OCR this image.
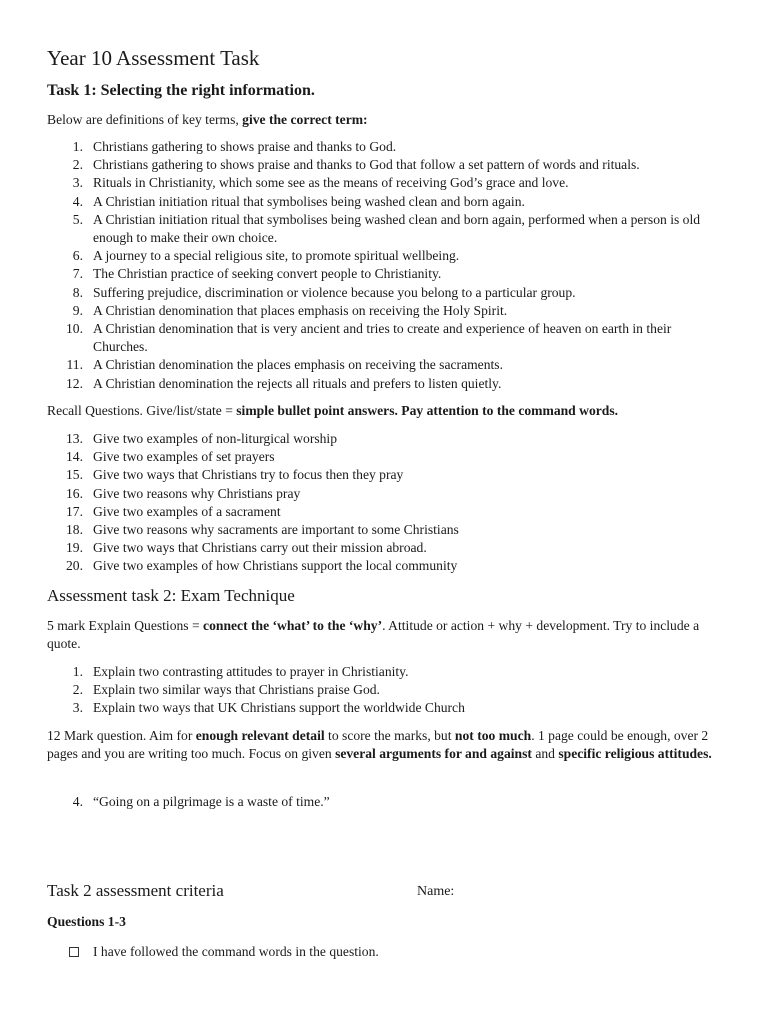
Year 10 Assessment Task
Task 1: Selecting the right information.
Below are definitions of key terms, give the correct term:
1. Christians gathering to shows praise and thanks to God.
2. Christians gathering to shows praise and thanks to God that follow a set pattern of words and rituals.
3. Rituals in Christianity, which some see as the means of receiving God’s grace and love.
4. A Christian initiation ritual that symbolises being washed clean and born again.
5. A Christian initiation ritual that symbolises being washed clean and born again, performed when a person is old enough to make their own choice.
6. A journey to a special religious site, to promote spiritual wellbeing.
7. The Christian practice of seeking convert people to Christianity.
8. Suffering prejudice, discrimination or violence because you belong to a particular group.
9. A Christian denomination that places emphasis on receiving the Holy Spirit.
10. A Christian denomination that is very ancient and tries to create and experience of heaven on earth in their Churches.
11. A Christian denomination the places emphasis on receiving the sacraments.
12. A Christian denomination the rejects all rituals and prefers to listen quietly.
Recall Questions. Give/list/state = simple bullet point answers. Pay attention to the command words.
13. Give two examples of non-liturgical worship
14. Give two examples of set prayers
15. Give two ways that Christians try to focus then they pray
16. Give two reasons why Christians pray
17. Give two examples of a sacrament
18. Give two reasons why sacraments are important to some Christians
19. Give two ways that Christians carry out their mission abroad.
20. Give two examples of how Christians support the local community
Assessment task 2: Exam Technique
5 mark Explain Questions = connect the ‘what’ to the ‘why’. Attitude or action + why + development. Try to include a quote.
1. Explain two contrasting attitudes to prayer in Christianity.
2. Explain two similar ways that Christians praise God.
3. Explain two ways that UK Christians support the worldwide Church
12 Mark question. Aim for enough relevant detail to score the marks, but not too much. 1 page could be enough, over 2 pages and you are writing too much. Focus on given several arguments for and against and specific religious attitudes.
4. “Going on a pilgrimage is a waste of time.”
Task 2 assessment criteria	Name:
Questions 1-3
I have followed the command words in the question.
